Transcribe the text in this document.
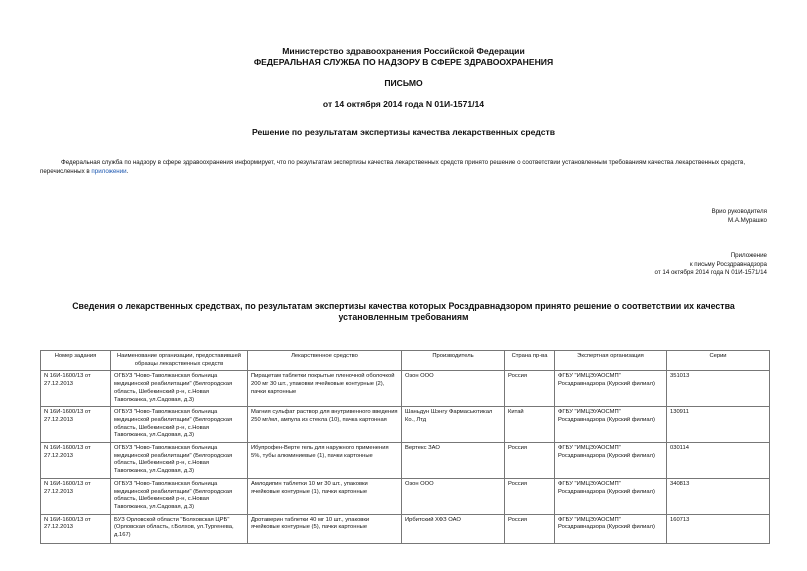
Министерство здравоохранения Российской Федерации
ФЕДЕРАЛЬНАЯ СЛУЖБА ПО НАДЗОРУ В СФЕРЕ ЗДРАВООХРАНЕНИЯ
ПИСЬМО
от 14 октября 2014 года N 01И-1571/14
Решение по результатам экспертизы качества лекарственных средств
Федеральная служба по надзору в сфере здравоохранения информирует, что по результатам экспертизы качества лекарственных средств принято решение о соответствии установленным требованиям качества лекарственных средств, перечисленных в приложении.
Врио руководителя
М.А.Мурашко
Приложение
к письму Росздравнадзора
от 14 октября 2014 года N 01И-1571/14
Сведения о лекарственных средствах, по результатам экспертизы качества которых Росздравнадзором принято решение о соответствии их качества установленным требованиям
Номер задания	Наименование организации, предоставившей образцы лекарственных средств	Лекарственное средство	Производитель	Страна пр-ва	Экспертная организация	Серии
N 16И-1600/13 от 27.12.2013	ОГБУЗ "Ново-Таволжанская больница медицинской реабилитации" (Белгородская область, Шебекинский р-н, с.Новая Таволжанка, ул.Садовая, д.3)	Пирацетам таблетки покрытые пленочной оболочкой 200 мг 30 шт., упаковки ячейковые контурные (2), пачки картонные	Озон ООО	Россия	ФГБУ "ИМЦЭУАОСМП" Росздравнадзора (Курский филиал)	351013
N 16И-1600/13 от 27.12.2013	ОГБУЗ "Ново-Таволжанская больница медицинской реабилитации" (Белгородская область, Шебекинский р-н, с.Новая Таволжанка, ул.Садовая, д.3)	Магния сульфат раствор для внутривенного введения 250 мг/мл, ампула из стекла (10), пачка картонная	Шаньдун Шэнгу Фармасьютикал Ко., Лтд	Китай	ФГБУ "ИМЦЭУАОСМП" Росздравнадзора (Курский филиал)	130911
N 16И-1600/13 от 27.12.2013	ОГБУЗ "Ново-Таволжанская больница медицинской реабилитации" (Белгородская область, Шебекинский р-н, с.Новая Таволжанка, ул.Садовая, д.3)	Ибупрофен-Верте гель для наружного применения 5%, тубы алюминиевые (1), пачки картонные	Вертекс ЗАО	Россия	ФГБУ "ИМЦЭУАОСМП" Росздравнадзора (Курский филиал)	030114
N 16И-1600/13 от 27.12.2013	ОГБУЗ "Ново-Таволжанская больница медицинской реабилитации" (Белгородская область, Шебекинский р-н, с.Новая Таволжанка, ул.Садовая, д.3)	Амлодипин таблетки 10 мг 30 шт., упаковки ячейковые контурные (1), пачки картонные	Озон ООО	Россия	ФГБУ "ИМЦЭУАОСМП" Росздравнадзора (Курский филиал)	340813
N 16И-1600/13 от 27.12.2013	БУЗ Орловской области "Болховская ЦРБ" (Орловская область, г.Болхов, ул.Тургенева, д.167)	Дротаверин таблетки 40 мг 10 шт., упаковки ячейковые контурные (5), пачки картонные	Ирбитский ХФЗ ОАО	Россия	ФГБУ "ИМЦЭУАОСМП" Росздравнадзора (Курский филиал)	160713
